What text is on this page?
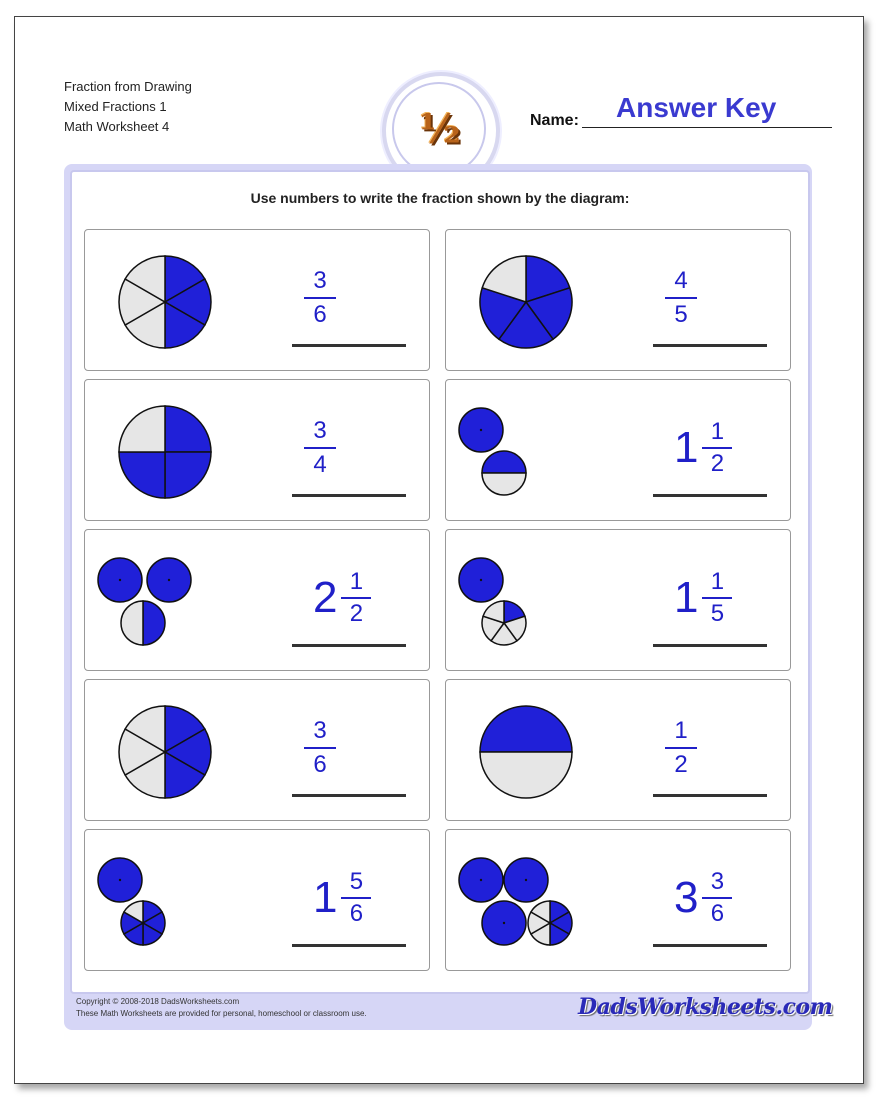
Fraction from Drawing
Mixed Fractions 1
Math Worksheet 4	½	Name: Answer Key
Use numbers to write the fraction shown by the diagram:
3
6
4
5
3
4	$1 \frac{1}{2}$
$2 \frac{1}{2}$	$1 \frac{1}{5}$
3
6
1
2
$1 \frac{5}{6}$	$3 \frac{3}{6}$
Copyright © 2008-2018 DadsWorksheets.com
These Math Worksheets are provided for personal, homeschool or classroom use.	DadsWorksheets.com
